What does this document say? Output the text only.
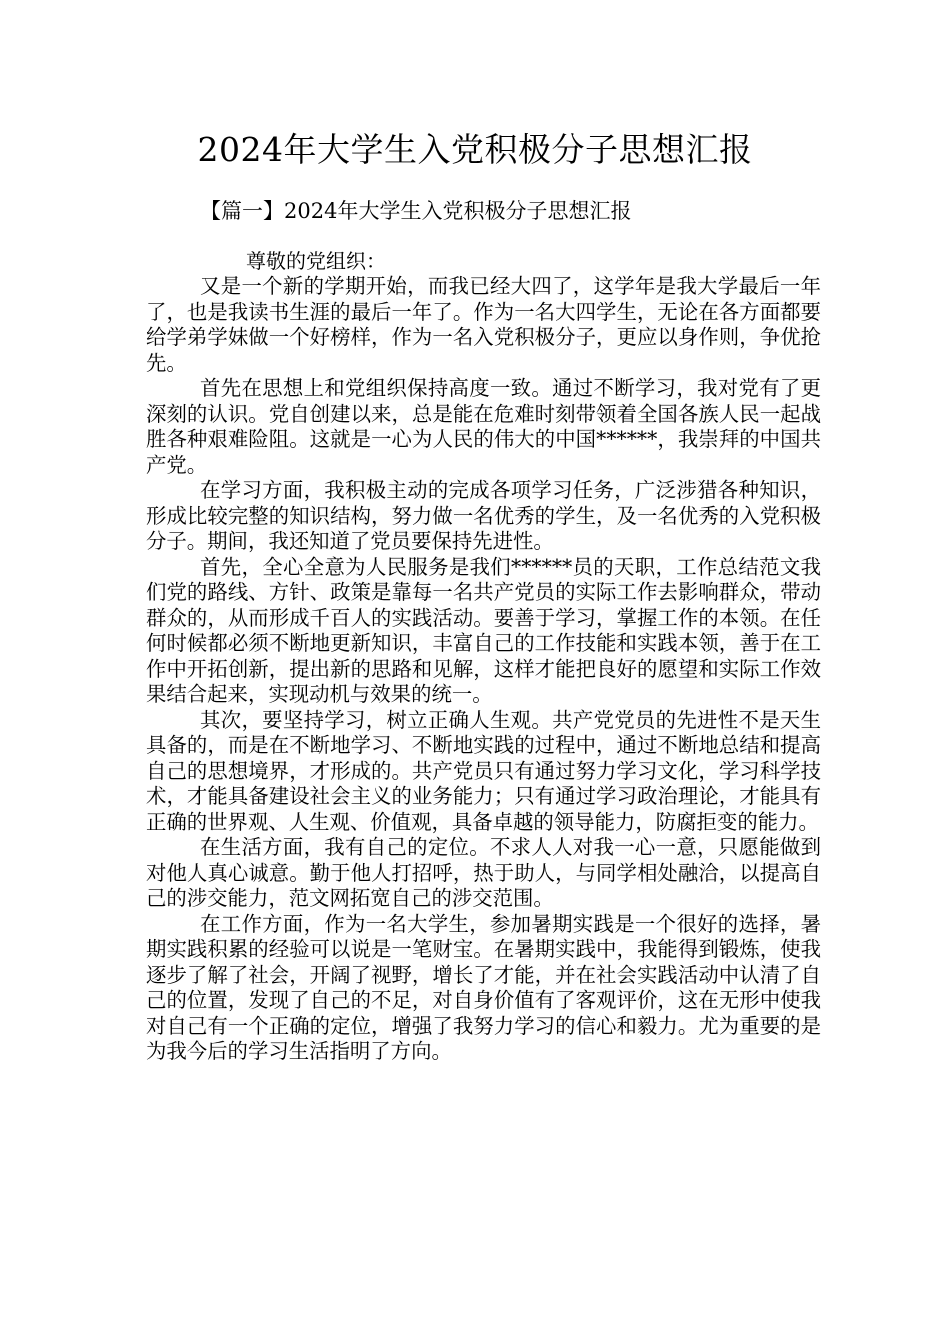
2024年大学生入党积极分子思想汇报
【篇一】2024年大学生入党积极分子思想汇报
尊敬的党组织：

又是一个新的学期开始，而我已经大四了，这学年是我大学最后一年了，也是我读书生涯的最后一年了。作为一名大四学生，无论在各方面都要给学弟学妹做一个好榜样，作为一名入党积极分子，更应以身作则，争优抢先。

首先在思想上和党组织保持高度一致。通过不断学习，我对党有了更深刻的认识。党自创建以来，总是能在危难时刻带领着全国各族人民一起战胜各种艰难险阻。这就是一心为人民的伟大的中国******，我崇拜的中国共产党。

在学习方面，我积极主动的完成各项学习任务，广泛涉猎各种知识，形成比较完整的知识结构，努力做一名优秀的学生，及一名优秀的入党积极分子。期间，我还知道了党员要保持先进性。

首先，全心全意为人民服务是我们******员的天职，工作总结范文我们党的路线、方针、政策是靠每一名共产党员的实际工作去影响群众，带动群众的，从而形成千百人的实践活动。要善于学习，掌握工作的本领。在任何时候都必须不断地更新知识，丰富自己的工作技能和实践本领，善于在工作中开拓创新，提出新的思路和见解，这样才能把良好的愿望和实际工作效果结合起来，实现动机与效果的统一。

其次，要坚持学习，树立正确人生观。共产党党员的先进性不是天生具备的，而是在不断地学习、不断地实践的过程中，通过不断地总结和提高自己的思想境界，才形成的。共产党员只有通过努力学习文化，学习科学技术，才能具备建设社会主义的业务能力；只有通过学习政治理论，才能具有正确的世界观、人生观、价值观，具备卓越的领导能力，防腐拒变的能力。

在生活方面，我有自己的定位。不求人人对我一心一意，只愿能做到对他人真心诚意。勤于他人打招呼，热于助人，与同学相处融洽，以提高自己的涉交能力，范文网拓宽自己的涉交范围。

在工作方面，作为一名大学生，参加暑期实践是一个很好的选择，暑期实践积累的经验可以说是一笔财宝。在暑期实践中，我能得到锻炼，使我逐步了解了社会，开阔了视野，增长了才能，并在社会实践活动中认清了自己的位置，发现了自己的不足，对自身价值有了客观评价，这在无形中使我对自己有一个正确的定位，增强了我努力学习的信心和毅力。尤为重要的是为我今后的学习生活指明了方向。
